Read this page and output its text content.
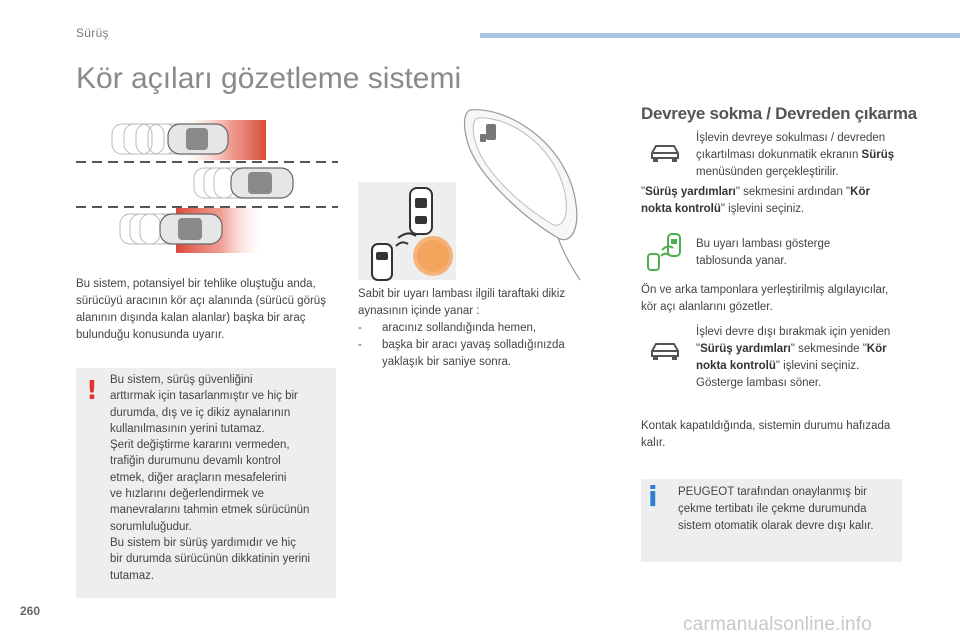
Sürüş
Kör açıları gözetleme sistemi

Bu sistem, potansiyel bir tehlike oluştuğu anda, sürücüyü aracının kör açı alanında (sürücü görüş alanının dışında kalan alanlar) başka bir araç bulunduğu konusunda uyarır.

! Bu sistem, sürüş güvenliğini
arttırmak için tasarlanmıştır ve hiç bir
durumda, dış ve iç dikiz aynalarının
kullanılmasının yerini tutamaz.
Şerit değiştirme kararını vermeden,
trafiğin durumunu devamlı kontrol
etmek, diğer araçların mesafelerini
ve hızlarını değerlendirmek ve
manevralarını tahmin etmek sürücünün
sorumluluğudur.
Bu sistem bir sürüş yardımıdır ve hiç
bir durumda sürücünün dikkatinin yerini
tutamaz.

Sabit bir uyarı lambası ilgili taraftaki dikiz aynasının içinde yanar :

- aracınız sollandığında hemen,
- başka bir aracı yavaş solladığınızda yaklaşık bir saniye sonra.
Devreye sokma / Devreden çıkarma

İşlevin devreye sokulması / devreden çıkartılması dokunmatik ekranın Sürüş menüsünden gerçekleştirilir.

"Sürüş yardımları" sekmesini ardından "Kör nokta kontrolü" işlevini seçiniz.

Bu uyarı lambası gösterge tablosunda yanar.

Ön ve arka tamponlara yerleştirilmiş algılayıcılar, kör açı alanlarını gözetler.

İşlevi devre dışı bırakmak için yeniden "Sürüş yardımları" sekmesinde "Kör nokta kontrolü" işlevini seçiniz.
Gösterge lambası söner.

Kontak kapatıldığında, sistemin durumu hafızada kalır.

i PEUGEOT tarafından onaylanmış bir çekme tertibatı ile çekme durumunda sistem otomatik olarak devre dışı kalır.

260
carmanualsonline.info
